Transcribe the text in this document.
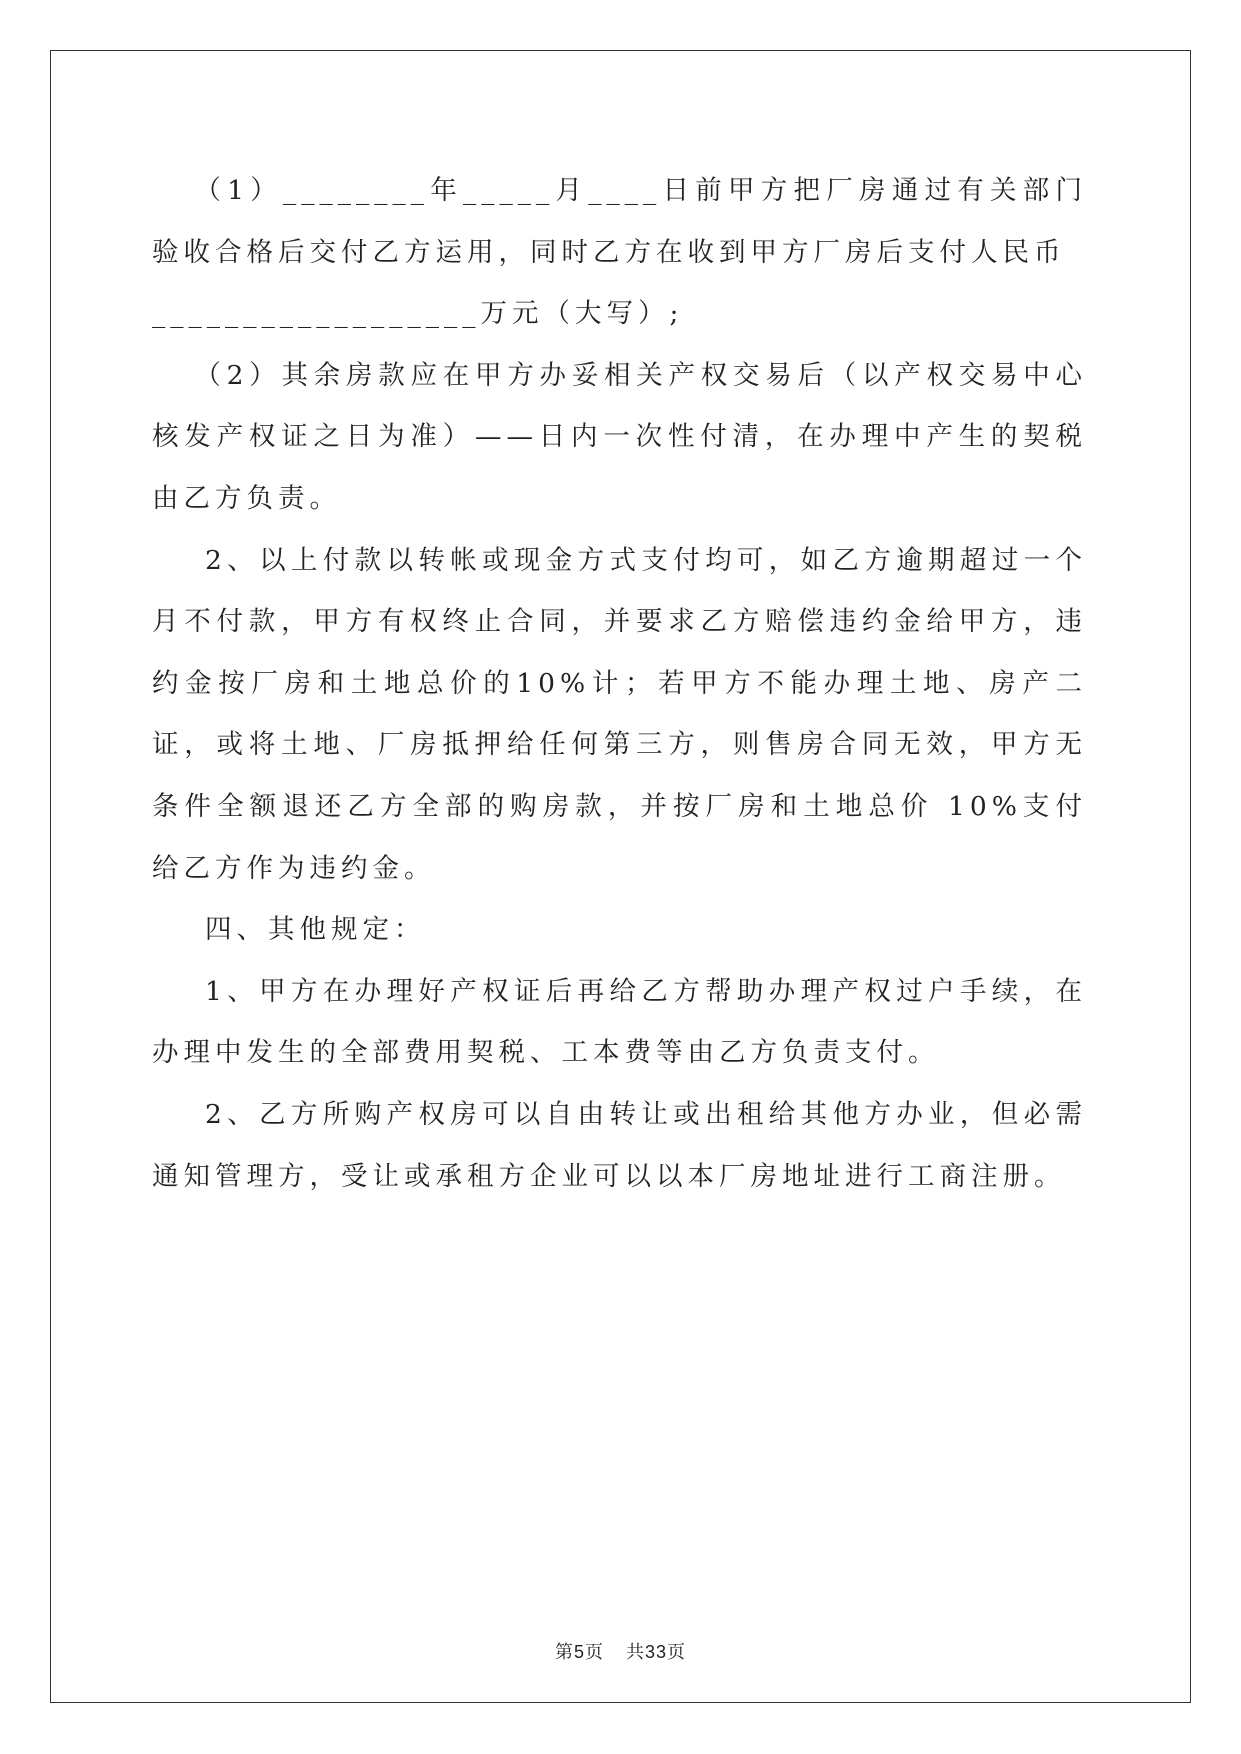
（1）________年_____月____日前甲方把厂房通过有关部门验收合格后交付乙方运用，同时乙方在收到甲方厂房后支付人民币

__________________万元（大写）;

（2）其余房款应在甲方办妥相关产权交易后（以产权交易中心核发产权证之日为准）——日内一次性付清，在办理中产生的契税由乙方负责。

2、以上付款以转帐或现金方式支付均可，如乙方逾期超过一个月不付款，甲方有权终止合同，并要求乙方赔偿违约金给甲方，违约金按厂房和土地总价的10%计；若甲方不能办理土地、房产二证，或将土地、厂房抵押给任何第三方，则售房合同无效，甲方无条件全额退还乙方全部的购房款，并按厂房和土地总价 10%支付给乙方作为违约金。

四、其他规定：

1、甲方在办理好产权证后再给乙方帮助办理产权过户手续，在办理中发生的全部费用契税、工本费等由乙方负责支付。

2、乙方所购产权房可以自由转让或出租给其他方办业，但必需通知管理方，受让或承租方企业可以以本厂房地址进行工商注册。

第5页 共33页
